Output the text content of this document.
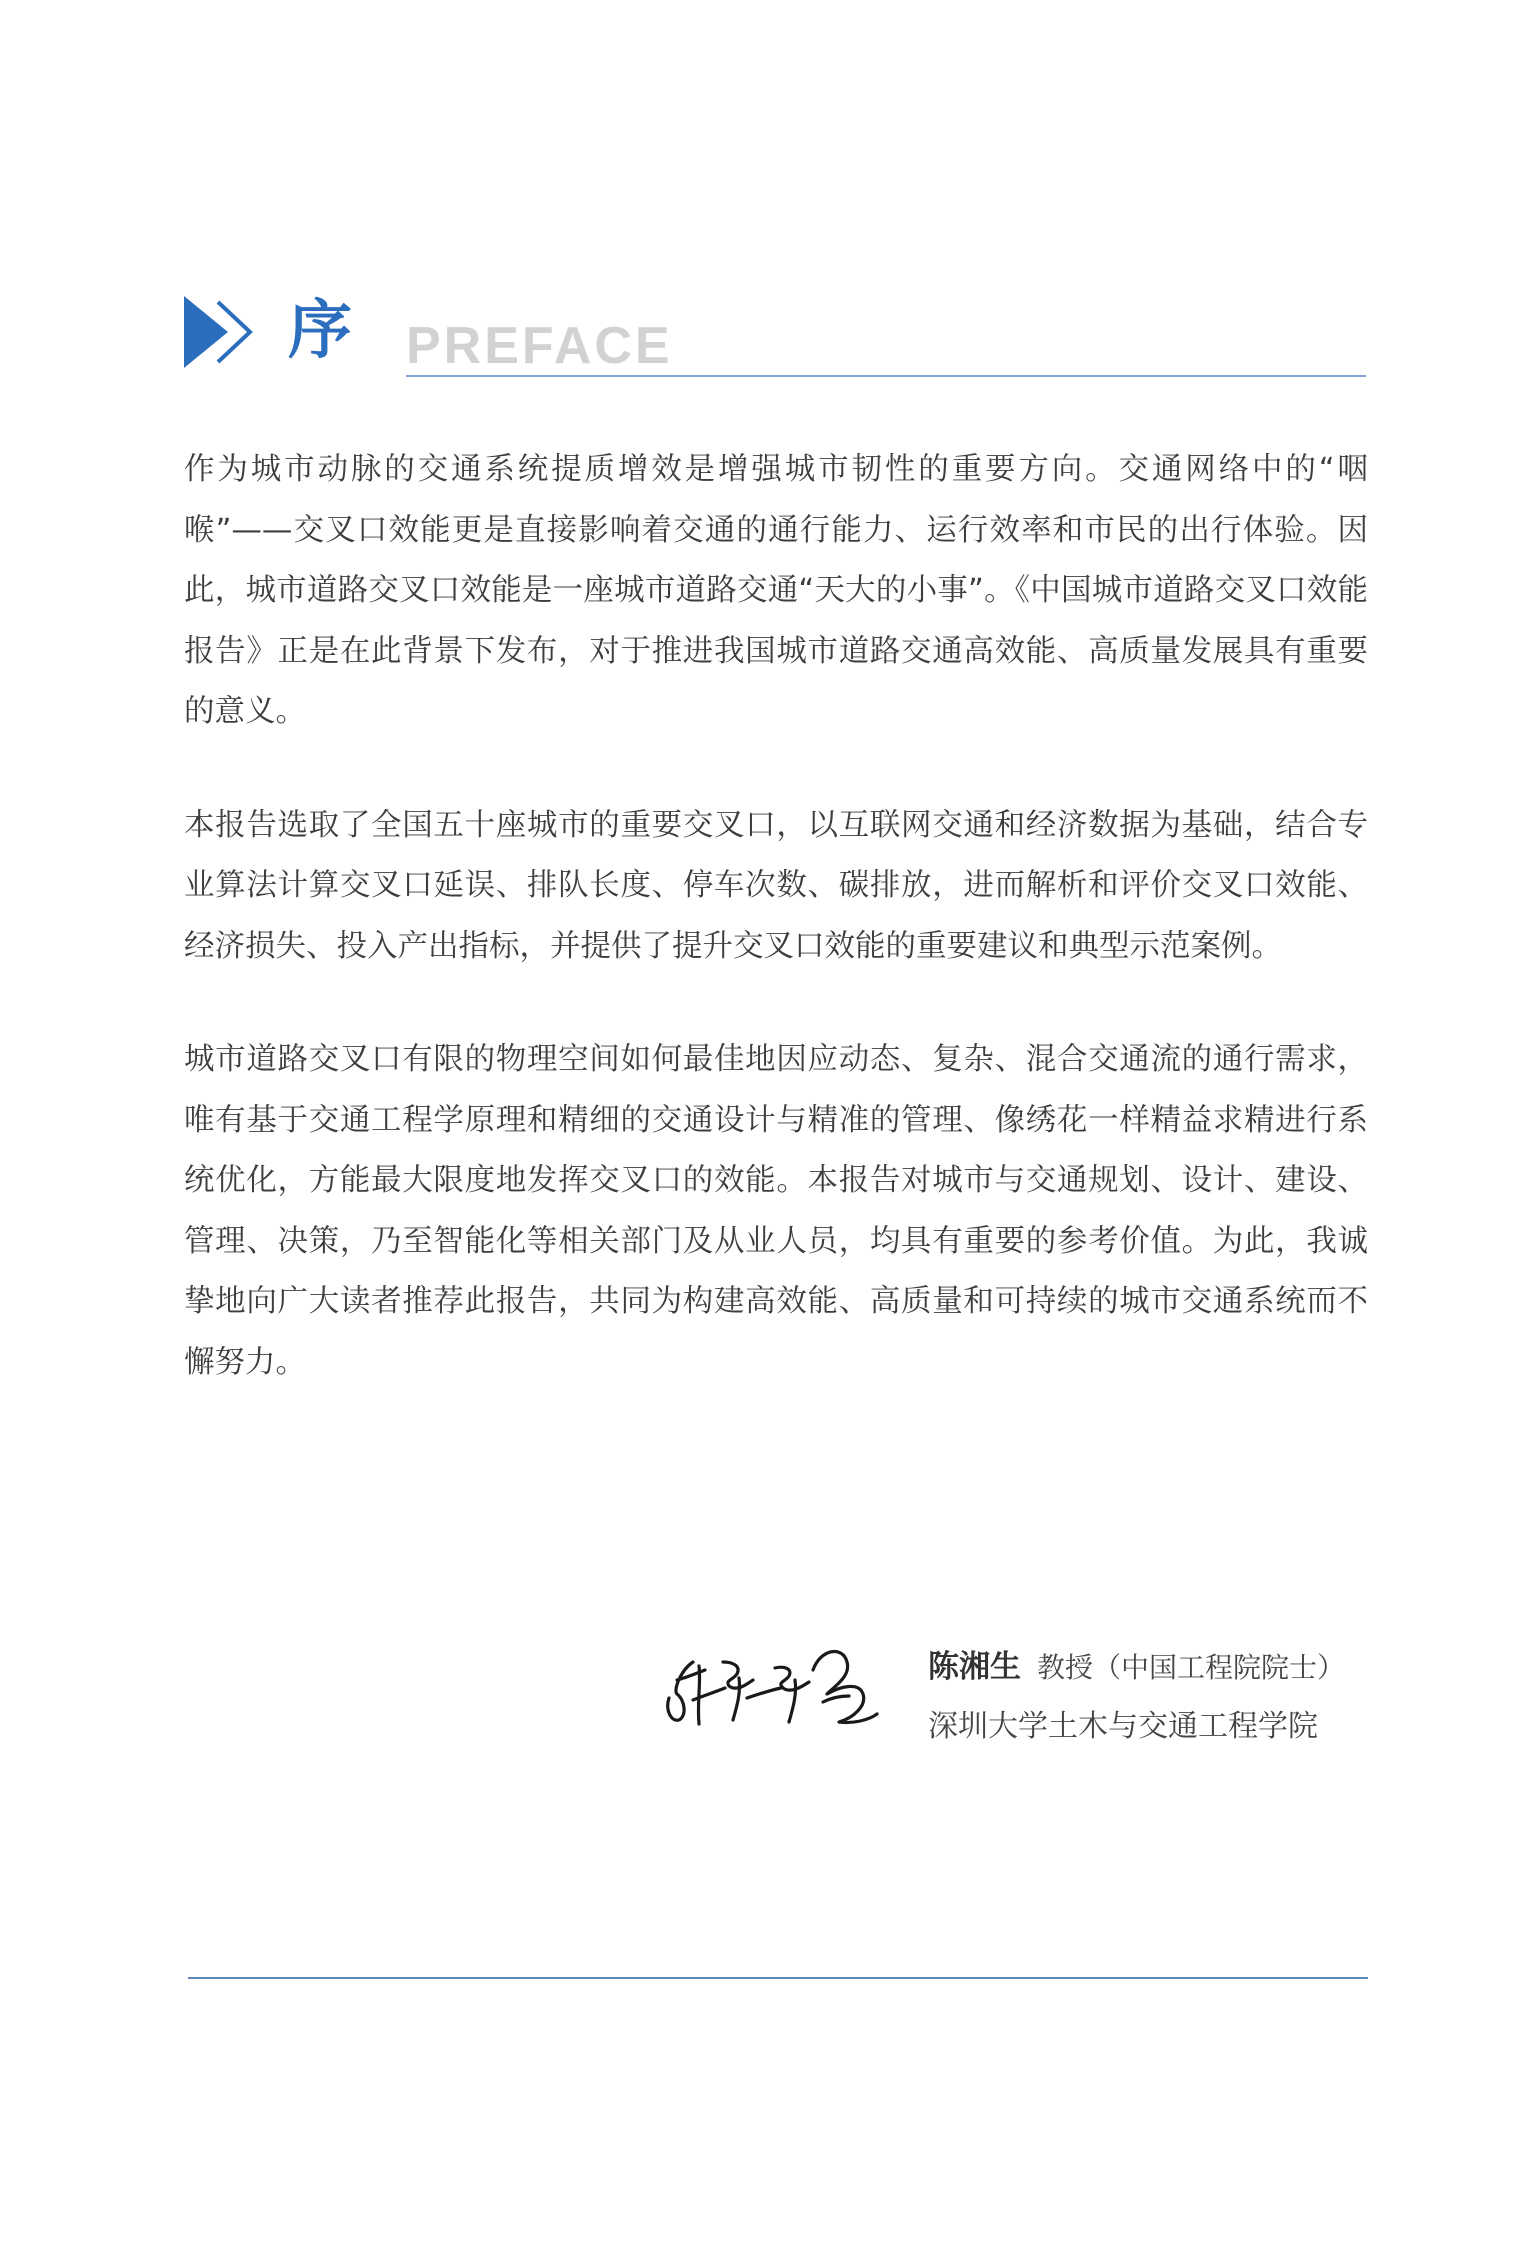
序 PREFACE

作为城市动脉的交通系统提质增效是增强城市韧性的重要方向。交通网络中的“咽喉”——交叉口效能更是直接影响着交通的通行能力、运行效率和市民的出行体验。因此，城市道路交叉口效能是一座城市道路交通“天大的小事”。《中国城市道路交叉口效能报告》正是在此背景下发布，对于推进我国城市道路交通高效能、高质量发展具有重要的意义。

本报告选取了全国五十座城市的重要交叉口，以互联网交通和经济数据为基础，结合专业算法计算交叉口延误、排队长度、停车次数、碳排放，进而解析和评价交叉口效能、经济损失、投入产出指标，并提供了提升交叉口效能的重要建议和典型示范案例。

城市道路交叉口有限的物理空间如何最佳地因应动态、复杂、混合交通流的通行需求，唯有基于交通工程学原理和精细的交通设计与精准的管理、像绣花一样精益求精进行系统优化，方能最大限度地发挥交叉口的效能。本报告对城市与交通规划、设计、建设、管理、决策，乃至智能化等相关部门及从业人员，均具有重要的参考价值。为此，我诚挚地向广大读者推荐此报告，共同为构建高效能、高质量和可持续的城市交通系统而不懈努力。

陈湘生 教授（中国工程院院士）
深圳大学土木与交通工程学院
